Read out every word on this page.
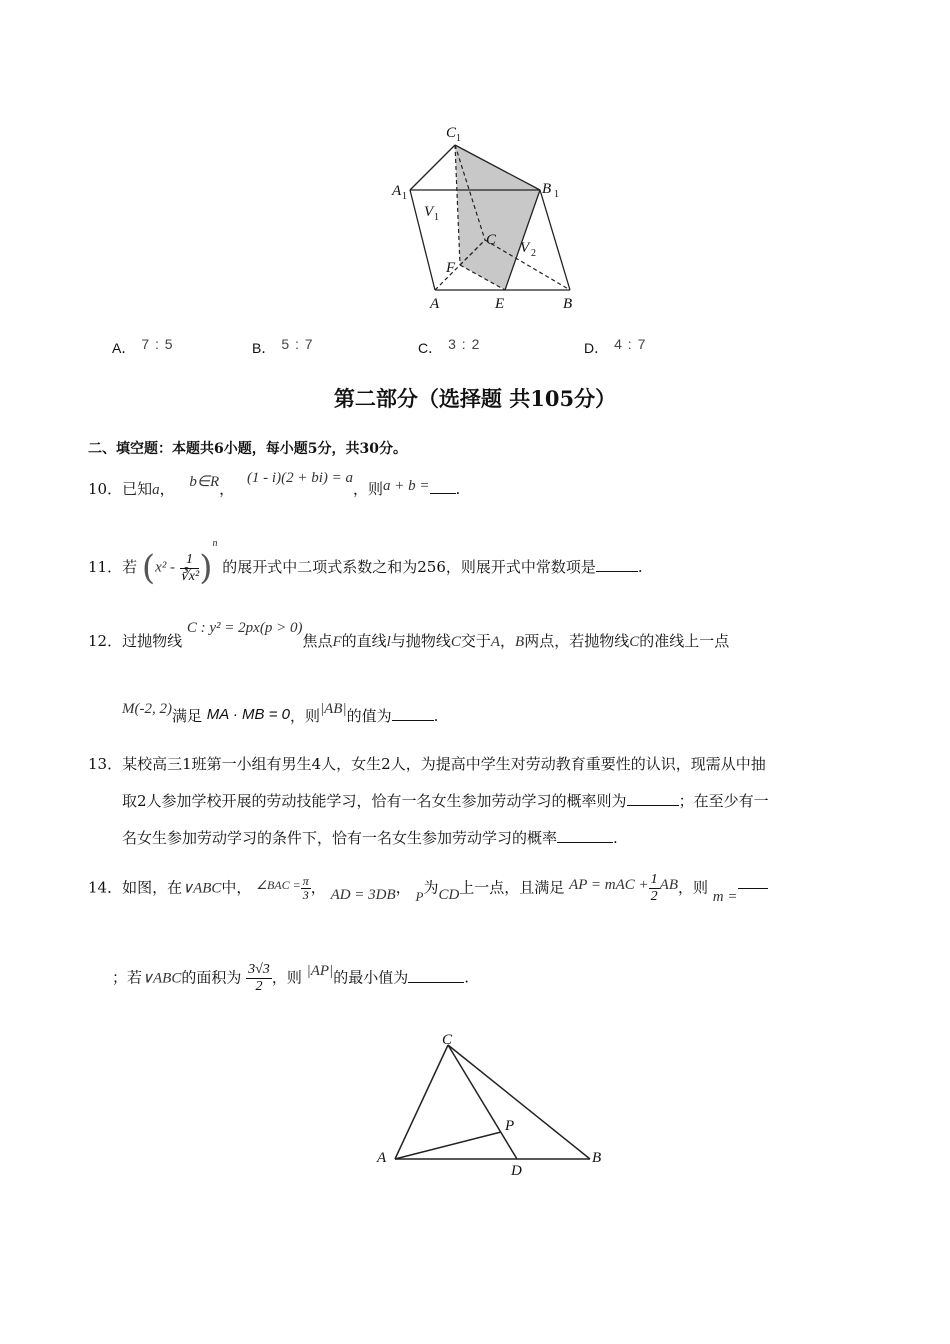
C 1
A 1	B 1
V 1
V 2
C
F
A	E	B
A． 7 : 5	B． 5 : 7	C． 3 : 2	D． 4 : 7
第二部分（选择题 共105分）
二、填空题：本题共6小题，每小题5分，共30分。
10．已知a， b∈R， (1 - i)(2 + bi) = a，则a + b = .
11．若 $(x^2 - \frac{1}{\text{∛x²}} )^n$ 的展开式中二项式系数之和为256，则展开式中常数项是	.
12．过抛物线 C : y² = 2px(p > 0)焦点F的直线l与抛物线C交于A，B两点，若抛物线C的准线上一点
M(-2, 2)满足 MA · MB = 0，则|AB|的值为	.
13．某校高三1班第一小组有男生4人，女生2人，为提高中学生对劳动教育重要性的认识，现需从中抽
取2人参加学校开展的劳动技能学习，恰有一名女生参加劳动学习的概率则为	；在至少有一
名女生参加劳动学习的条件下，恰有一名女生参加劳动学习的概率	.
14．如图，在∨ABC中， $^{\angle BAC =} \frac{\pi}{3}$ ， AD = 3DB， P为CD上一点，且满足 AP = mAC + $\frac{1}{2}$ AB，则 m =
；若∨ABC的面积为 $\frac{3√3}{2}$ ，则 |AP|的最小值为	.
C
A	B
P
D
